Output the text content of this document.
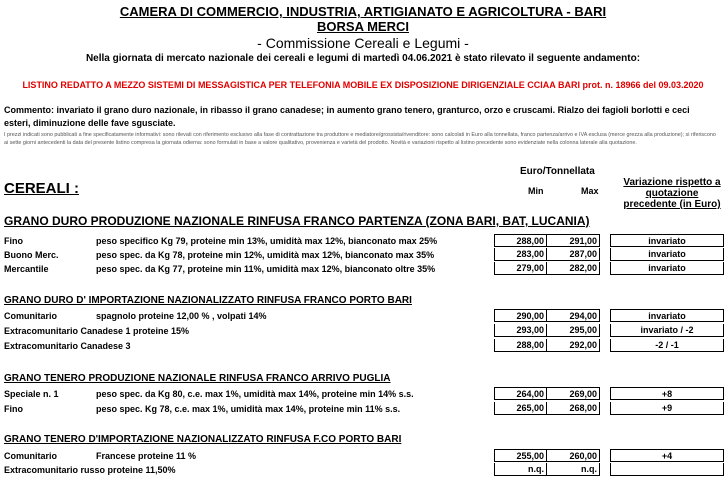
CAMERA DI COMMERCIO, INDUSTRIA, ARTIGIANATO E AGRICOLTURA - BARI
BORSA MERCI
- Commissione Cereali e Legumi -
Nella giornata di mercato nazionale dei cereali e legumi di martedì 04.06.2021 è stato rilevato il seguente andamento:
LISTINO REDATTO A MEZZO SISTEMI DI MESSAGISTICA PER TELEFONIA MOBILE EX DISPOSIZIONE DIRIGENZIALE CCIAA BARI prot. n. 18966 del 09.03.2020
Commento: invariato il grano duro nazionale, in ribasso il grano canadese; in aumento grano tenero, granturco, orzo e cruscami. Rialzo dei fagioli borlotti e ceci esteri, diminuzione delle fave sgusciate.
I prezzi indicati sono pubblicati a fine specificatamente informativi: sono rilevati con riferimento esclusivo alla fase di contrattazione tra produttore e mediatore/grossista/rivenditore: sono calcolati in Euro alla tonnellata, franco partenza/arrivo e IVA esclusa (merce grezza alla produzione); si riferiscono ai sette giorni antecedenti la data del presente listino compresa la giornata odierna: sono formulati in base a valore qualitativo, provenienza e varietà del prodotto. Novità e variazioni rispetto al listino precedente sono evidenziate nella colonna laterale alla quotazione.
Euro/Tonnellata
Variazione rispetto a quotazione precedente (in Euro)
CEREALI :	Min	Max
GRANO DURO PRODUZIONE NAZIONALE RINFUSA FRANCO PARTENZA (ZONA BARI, BAT, LUCANIA)
Fino	peso specifico Kg 79, proteine min 13%, umidità max 12%, bianconato max 25%	288,00	291,00	invariato
Buono Merc.	peso spec. da Kg 78, proteine min 12%, umidità max 12%, bianconato max 35%	283,00	287,00	invariato
Mercantile	peso spec. da Kg 77, proteine min 11%, umidità max 12%, bianconato oltre 35%	279,00	282,00	invariato
GRANO DURO D' IMPORTAZIONE NAZIONALIZZATO RINFUSA FRANCO PORTO BARI
Comunitario	spagnolo proteine 12,00 % , volpati 14%	290,00	294,00	invariato
Extracomunitario Canadese 1 proteine 15%	293,00	295,00	invariato / -2
Extracomunitario Canadese 3	288,00	292,00	-2 / -1
GRANO TENERO PRODUZIONE NAZIONALE RINFUSA FRANCO ARRIVO PUGLIA
Speciale n. 1	peso spec. da Kg 80, c.e. max 1%, umidità max 14%, proteine min 14% s.s.	264,00	269,00	+8
Fino	peso spec. Kg 78, c.e. max 1%, umidità max 14%, proteine min 11% s.s.	265,00	268,00	+9
GRANO TENERO D'IMPORTAZIONE NAZIONALIZZATO RINFUSA F.CO PORTO BARI
Comunitario	Francese proteine 11 %	255,00	260,00	+4
Extracomunitario russo proteine 11,50%	n.q.	n.q.
